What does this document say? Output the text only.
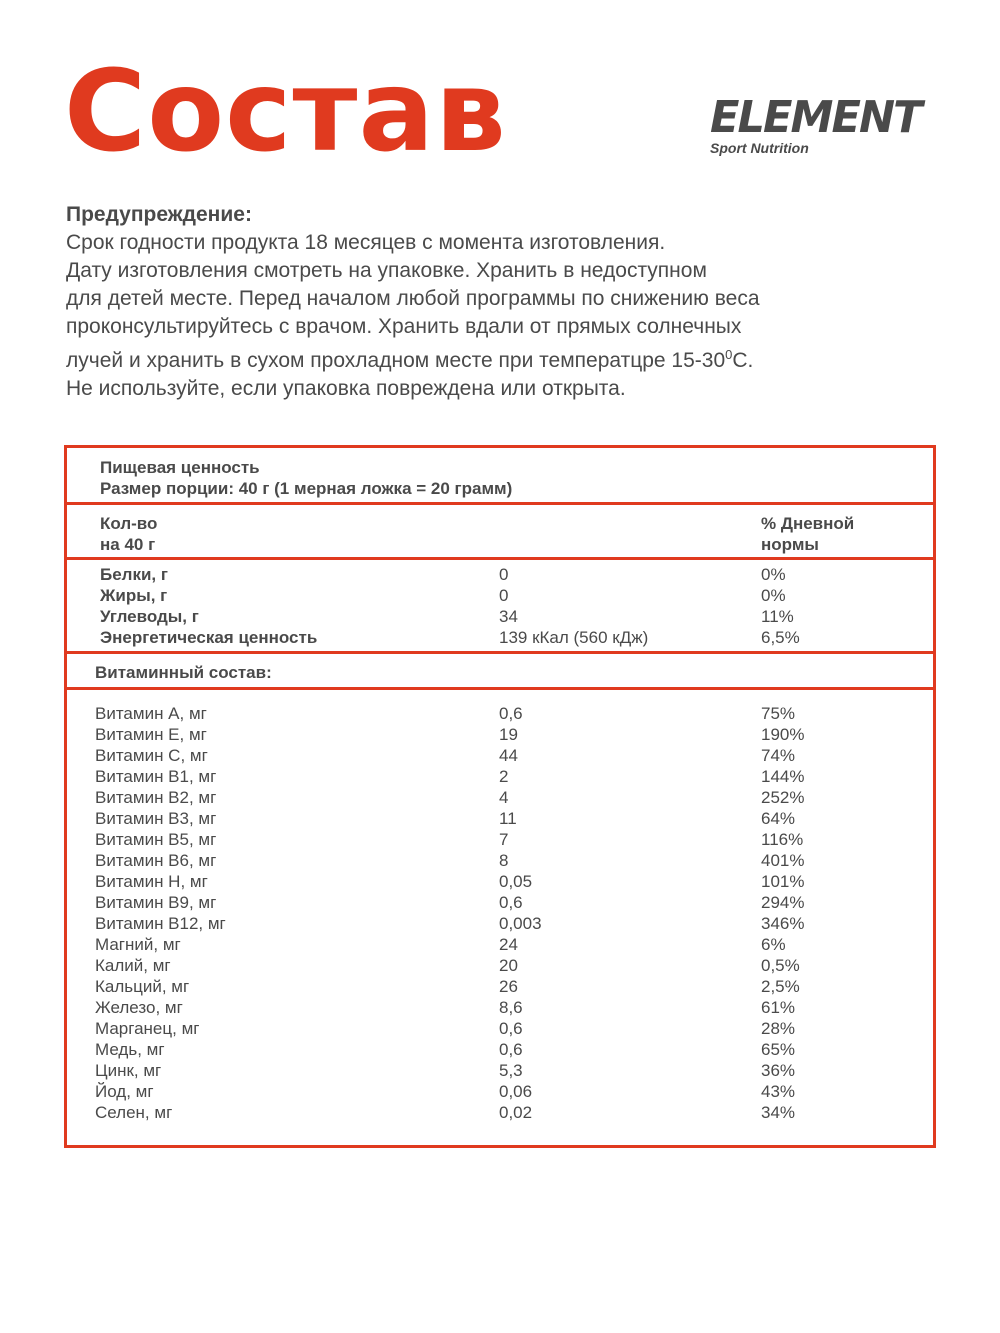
Состав	ELEMENT
Sport Nutrition
Предупреждение:
Срок годности продукта 18 месяцев с момента изготовления.
Дату изготовления смотреть на упаковке. Хранить в недоступном
для детей месте. Перед началом любой программы по снижению веса
проконсультируйтесь с врачом. Хранить вдали от прямых солнечных
лучей и хранить в сухом прохладном месте при температцре $15-30^0С$.
Не используйте, если упаковка повреждена или открыта.
Пищевая ценность
Размер порции: 40 г (1 мерная ложка = 20 грамм)
Кол-во
на 40 г
% Дневной
нормы
Белки, г	0	0%
Жиры, г	0	0%
Углеводы, г	34	11%
Энергетическая ценность	139 кКал (560 кДж)	6,5%
Витаминный состав:
Витамин А, мг	0,6	75%
Витамин Е, мг	19	190%
Витамин С, мг	44	74%
Витамин В1, мг	2	144%
Витамин В2, мг	4	252%
Витамин В3, мг	11	64%
Витамин В5, мг	7	116%
Витамин В6, мг	8	401%
Витамин Н, мг	0,05	101%
Витамин В9, мг	0,6	294%
Витамин В12, мг	0,003	346%
Магний, мг	24	6%
Калий, мг	20	0,5%
Кальций, мг	26	2,5%
Железо, мг	8,6	61%
Марганец, мг	0,6	28%
Медь, мг	0,6	65%
Цинк, мг	5,3	36%
Йод, мг	0,06	43%
Селен, мг	0,02	34%
